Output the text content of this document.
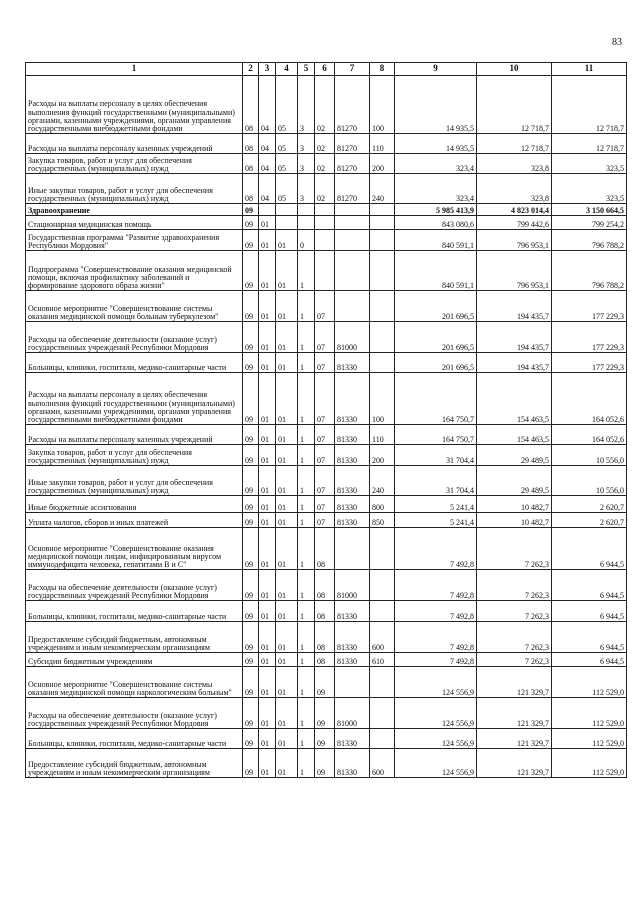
83
1	2	3	4	5	6	7	8	9	10	11
Расходы на выплаты персоналу в целях обеспечения выполнения функций государственными (муниципальными) органами, казенными учреждениями, органами управления государственными внебюджетными фондами	08	04	05	3	02	81270	100	14 935,5	12 718,7	12 718,7
Расходы на выплаты персоналу казенных учреждений	08	04	05	3	02	81270	110	14 935,5	12 718,7	12 718,7
Закупка товаров, работ и услуг для обеспечения государственных (муниципальных) нужд	08	04	05	3	02	81270	200	323,4	323,8	323,5
Иные закупки товаров, работ и услуг для обеспечения государственных (муниципальных) нужд	08	04	05	3	02	81270	240	323,4	323,8	323,5
Здравоохранение	09							5 985 413,9	4 823 014,4	3 150 664,5
Стационарная медицинская помощь	09	01						843 080,6	799 442,6	799 254,2
Государственная программа "Развитие здравоохранения Республики Мордовия"	09	01	01	0				840 591,1	796 953,1	796 788,2
Подпрограмма "Совершенствование оказания медицинской помощи, включая профилактику заболеваний и формирование здорового образа жизни"	09	01	01	1				840 591,1	796 953,1	796 788,2
Основное мероприятие "Совершенствование системы оказания медицинской помощи больным туберкулезом"	09	01	01	1	07			201 696,5	194 435,7	177 229,3
Расходы на обеспечение деятельности (оказание услуг) государственных учреждений Республики Мордовия	09	01	01	1	07	81000		201 696,5	194 435,7	177 229,3
Больницы, клиники, госпитали, медико-санитарные части	09	01	01	1	07	81330		201 696,5	194 435,7	177 229,3
Расходы на выплаты персоналу в целях обеспечения выполнения функций государственными (муниципальными) органами, казенными учреждениями, органами управления государственными внебюджетными фондами	09	01	01	1	07	81330	100	164 750,7	154 463,5	164 052,6
Расходы на выплаты персоналу казенных учреждений	09	01	01	1	07	81330	110	164 750,7	154 463,5	164 052,6
Закупка товаров, работ и услуг для обеспечения государственных (муниципальных) нужд	09	01	01	1	07	81330	200	31 704,4	29 489,5	10 556,0
Иные закупки товаров, работ и услуг для обеспечения государственных (муниципальных) нужд	09	01	01	1	07	81330	240	31 704,4	29 489,5	10 556,0
Иные бюджетные ассигнования	09	01	01	1	07	81330	800	5 241,4	10 482,7	2 620,7
Уплата налогов, сборов и иных платежей	09	01	01	1	07	81330	850	5 241,4	10 482,7	2 620,7
Основное мероприятие "Совершенствование оказания медицинской помощи лицам, инфицированным вирусом иммунодефицита человека, гепатитами В и С"	09	01	01	1	08			7 492,8	7 262,3	6 944,5
Расходы на обеспечение деятельности (оказание услуг) государственных учреждений Республики Мордовия	09	01	01	1	08	81000		7 492,8	7 262,3	6 944,5
Больницы, клиники, госпитали, медико-санитарные части	09	01	01	1	08	81330		7 492,8	7 262,3	6 944,5
Предоставление субсидий бюджетным, автономным учреждениям и иным некоммерческим организациям	09	01	01	1	08	81330	600	7 492,8	7 262,3	6 944,5
Субсидии бюджетным учреждениям	09	01	01	1	08	81330	610	7 492,8	7 262,3	6 944,5
Основное мероприятие "Совершенствование системы оказания медицинской помощи наркологическим больным"	09	01	01	1	09			124 556,9	121 329,7	112 529,0
Расходы на обеспечение деятельности (оказание услуг) государственных учреждений Республики Мордовия	09	01	01	1	09	81000		124 556,9	121 329,7	112 529,0
Больницы, клиники, госпитали, медико-санитарные части	09	01	01	1	09	81330		124 556,9	121 329,7	112 529,0
Предоставление субсидий бюджетным, автономным учреждениям и иным некоммерческим организациям	09	01	01	1	09	81330	600	124 556,9	121 329,7	112 529,0
